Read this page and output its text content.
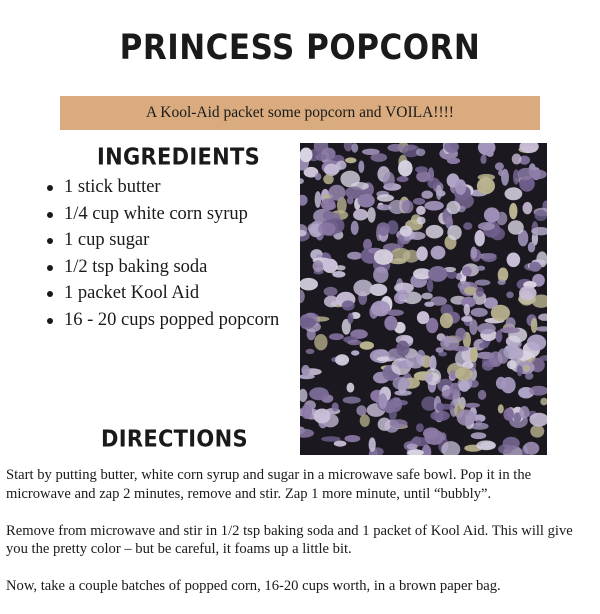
PRINCESS POPCORN
A Kool-Aid packet some popcorn and VOILA!!!!
INGREDIENTS
1 stick butter
1/4 cup white corn syrup
1 cup sugar
1/2 tsp baking soda
1 packet Kool Aid
16 - 20 cups popped popcorn
DIRECTIONS

Start by putting butter, white corn syrup and sugar in a microwave safe bowl. Pop it in the microwave and zap 2 minutes, remove and stir. Zap 1 more minute, until “bubbly”.

Remove from microwave and stir in 1/2 tsp baking soda and 1 packet of Kool Aid. This will give you the pretty color – but be careful, it foams up a little bit.

Now, take a couple batches of popped corn, 16-20 cups worth, in a brown paper bag.
